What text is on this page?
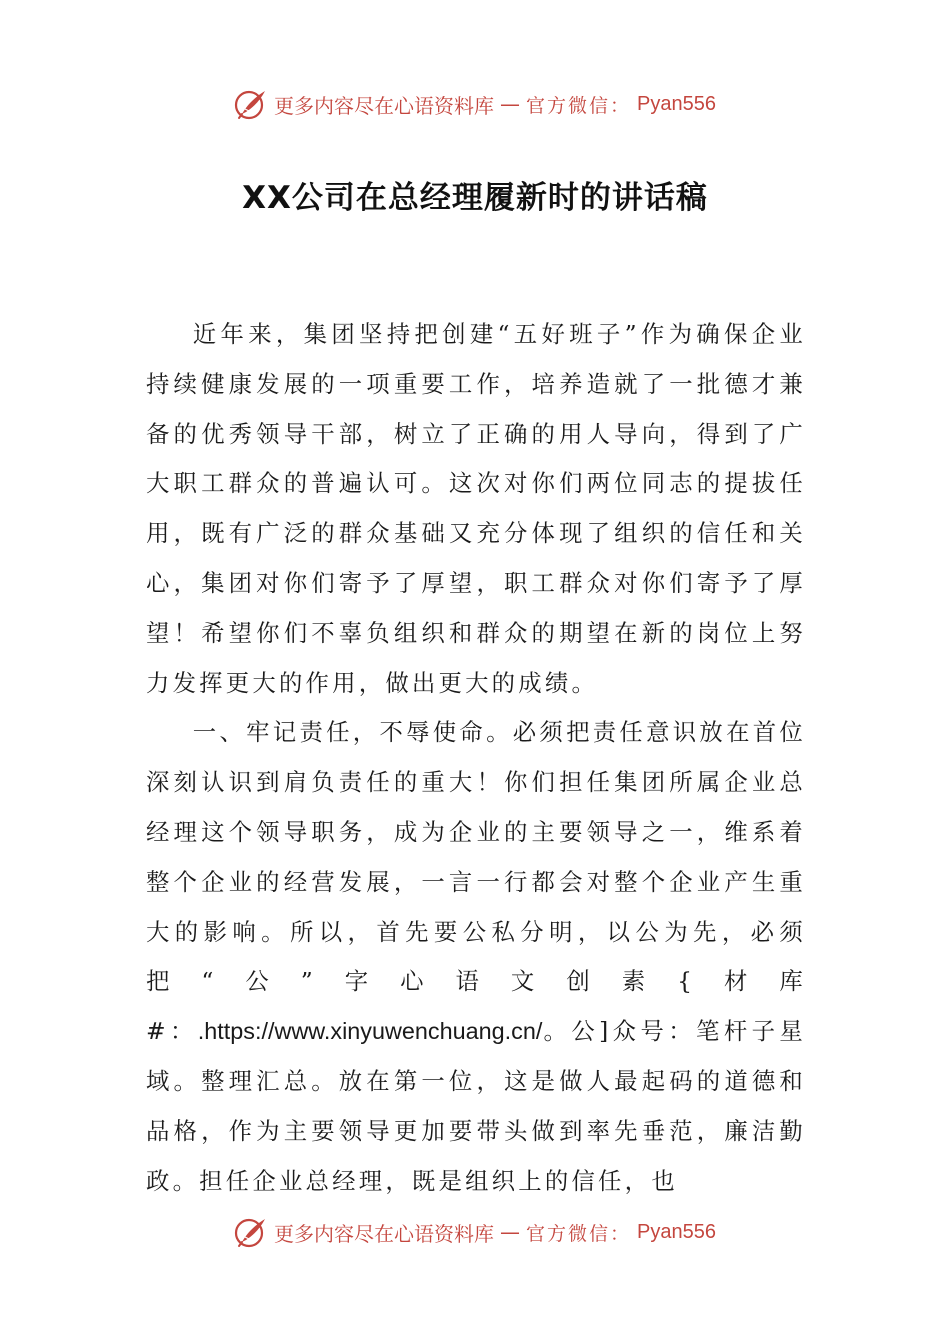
更多内容尽在心语资料库 — 官方微信： Pyan556
XX公司在总经理履新时的讲话稿

近年来，集团坚持把创建“五好班子”作为确保企业持续健康发展的一项重要工作，培养造就了一批德才兼备的优秀领导干部，树立了正确的用人导向，得到了广大职工群众的普遍认可。这次对你们两位同志的提拔任用，既有广泛的群众基础又充分体现了组织的信任和关心，集团对你们寄予了厚望，职工群众对你们寄予了厚望！希望你们不辜负组织和群众的期望在新的岗位上努力发挥更大的作用，做出更大的成绩。

一、牢记责任，不辱使命。必须把责任意识放在首位深刻认识到肩负责任的重大！你们担任集团所属企业总经理这个领导职务，成为企业的主要领导之一，维系着整个企业的经营发展，一言一行都会对整个企业产生重大的影响。所以，首先要公私分明，以公为先，必须把“公”字心语文创素{材库#：.https://www.xinyuwenchuang.cn/。公]众号：笔杆子星域。整理汇总。放在第一位，这是做人最起码的道德和品格，作为主要领导更加要带头做到率先垂范，廉洁勤政。担任企业总经理，既是组织上的信任，也

更多内容尽在心语资料库 — 官方微信： Pyan556
